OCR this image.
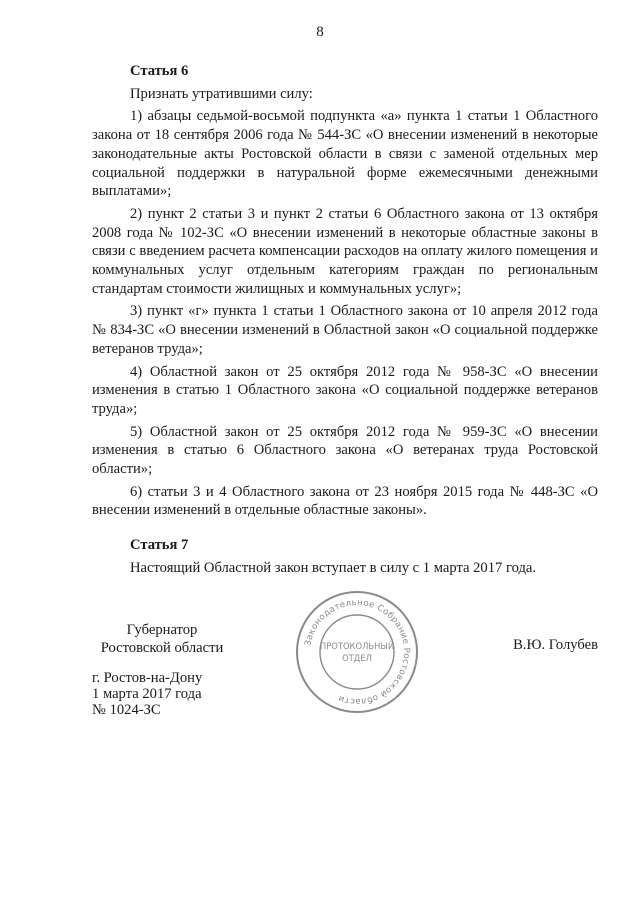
8

Статья 6

Признать утратившими силу:

1) абзацы седьмой-восьмой подпункта «а» пункта 1 статьи 1 Областного закона от 18 сентября 2006 года № 544-ЗС «О внесении изменений в некоторые законодательные акты Ростовской области в связи с заменой отдельных мер социальной поддержки в натуральной форме ежемесячными денежными выплатами»;

2) пункт 2 статьи 3 и пункт 2 статьи 6 Областного закона от 13 октября 2008 года № 102-ЗС «О внесении изменений в некоторые областные законы в связи с введением расчета компенсации расходов на оплату жилого помещения и коммунальных услуг отдельным категориям граждан по региональным стандартам стоимости жилищных и коммунальных услуг»;

3) пункт «г» пункта 1 статьи 1 Областного закона от 10 апреля 2012 года № 834-ЗС «О внесении изменений в Областной закон «О социальной поддержке ветеранов труда»;

4) Областной закон от 25 октября 2012 года № 958-ЗС «О внесении изменения в статью 1 Областного закона «О социальной поддержке ветеранов труда»;

5) Областной закон от 25 октября 2012 года № 959-ЗС «О внесении изменения в статью 6 Областного закона «О ветеранах труда Ростовской области»;

6) статьи 3 и 4 Областного закона от 23 ноября 2015 года № 448-ЗС «О внесении изменений в отдельные областные законы».

Статья 7

Настоящий Областной закон вступает в силу с 1 марта 2017 года.

Губернатор
Ростовской области	Законодательное Собрание Ростовской области
ПРОТОКОЛЬНЫЙ
ОТДЕЛ
В.Ю. Голубев
г. Ростов-на-Дону
1 марта 2017 года
№ 1024-ЗС
